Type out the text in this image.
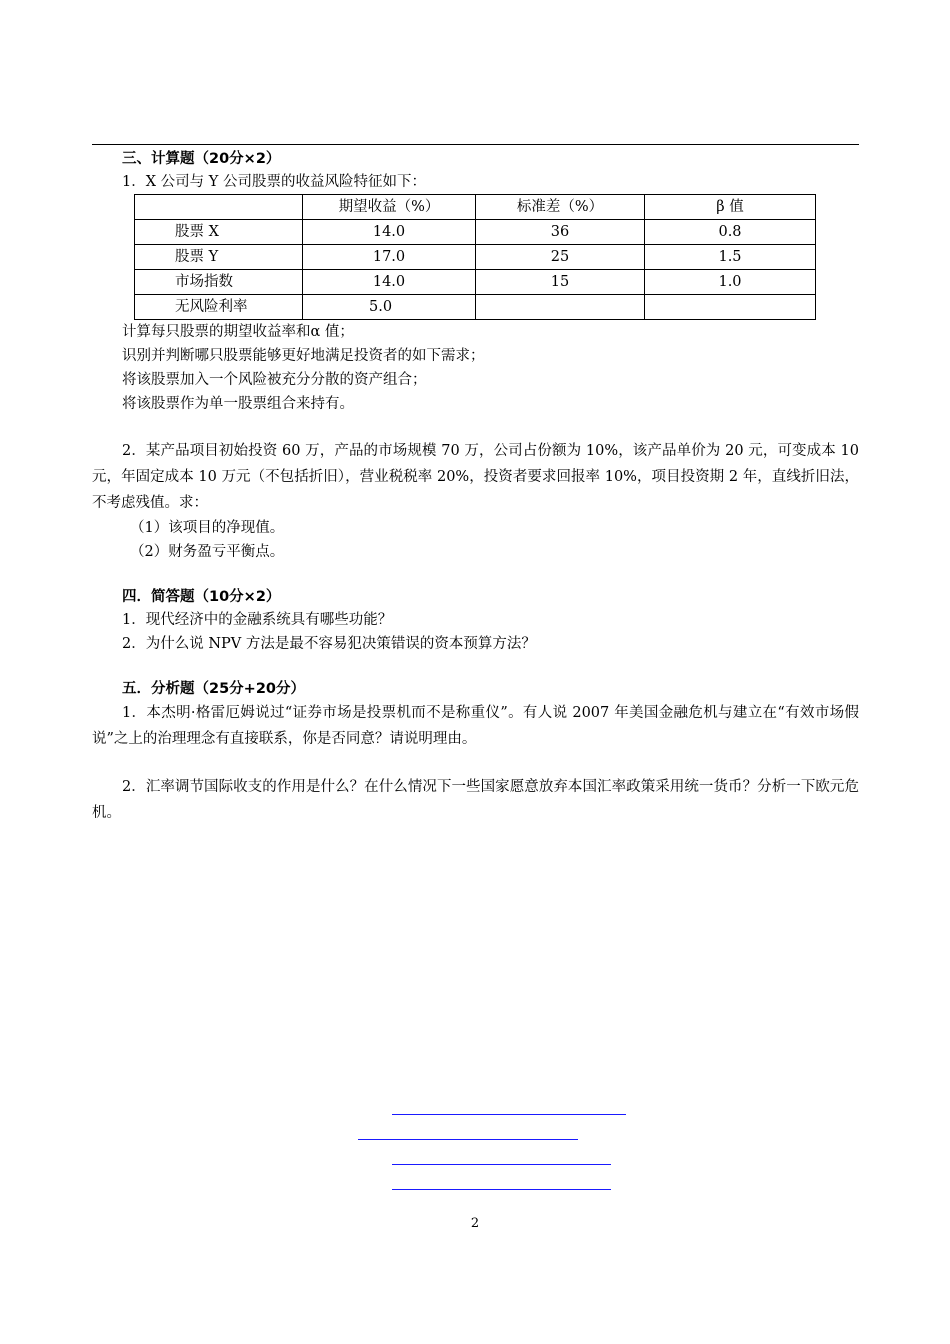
三、计算题（20分×2）
1．X 公司与 Y 公司股票的收益风险特征如下：
	期望收益（%）	标准差（%）	β 值
股票 X	14.0	36	0.8
股票 Y	17.0	25	1.5
市场指数	14.0	15	1.0
无风险利率	5.0		
计算每只股票的期望收益率和α 值；
识别并判断哪只股票能够更好地满足投资者的如下需求；
将该股票加入一个风险被充分分散的资产组合；
将该股票作为单一股票组合来持有。
2．某产品项目初始投资 60 万，产品的市场规模 70 万，公司占份额为 10%，该产品单价为 20 元，可变成本 10 元，年固定成本 10 万元（不包括折旧），营业税税率 20%，投资者要求回报率 10%，项目投资期 2 年，直线折旧法，不考虑残值。求：
（1）该项目的净现值。
（2）财务盈亏平衡点。
四．简答题（10分×2）
1．现代经济中的金融系统具有哪些功能？
2．为什么说 NPV 方法是最不容易犯决策错误的资本预算方法？
五．分析题（25分+20分）
1．本杰明·格雷厄姆说过“证券市场是投票机而不是称重仪”。有人说 2007 年美国金融危机与建立在“有效市场假说”之上的治理理念有直接联系，你是否同意？请说明理由。
2．汇率调节国际收支的作用是什么？在什么情况下一些国家愿意放弃本国汇率政策采用统一货币？分析一下欧元危机。
2
